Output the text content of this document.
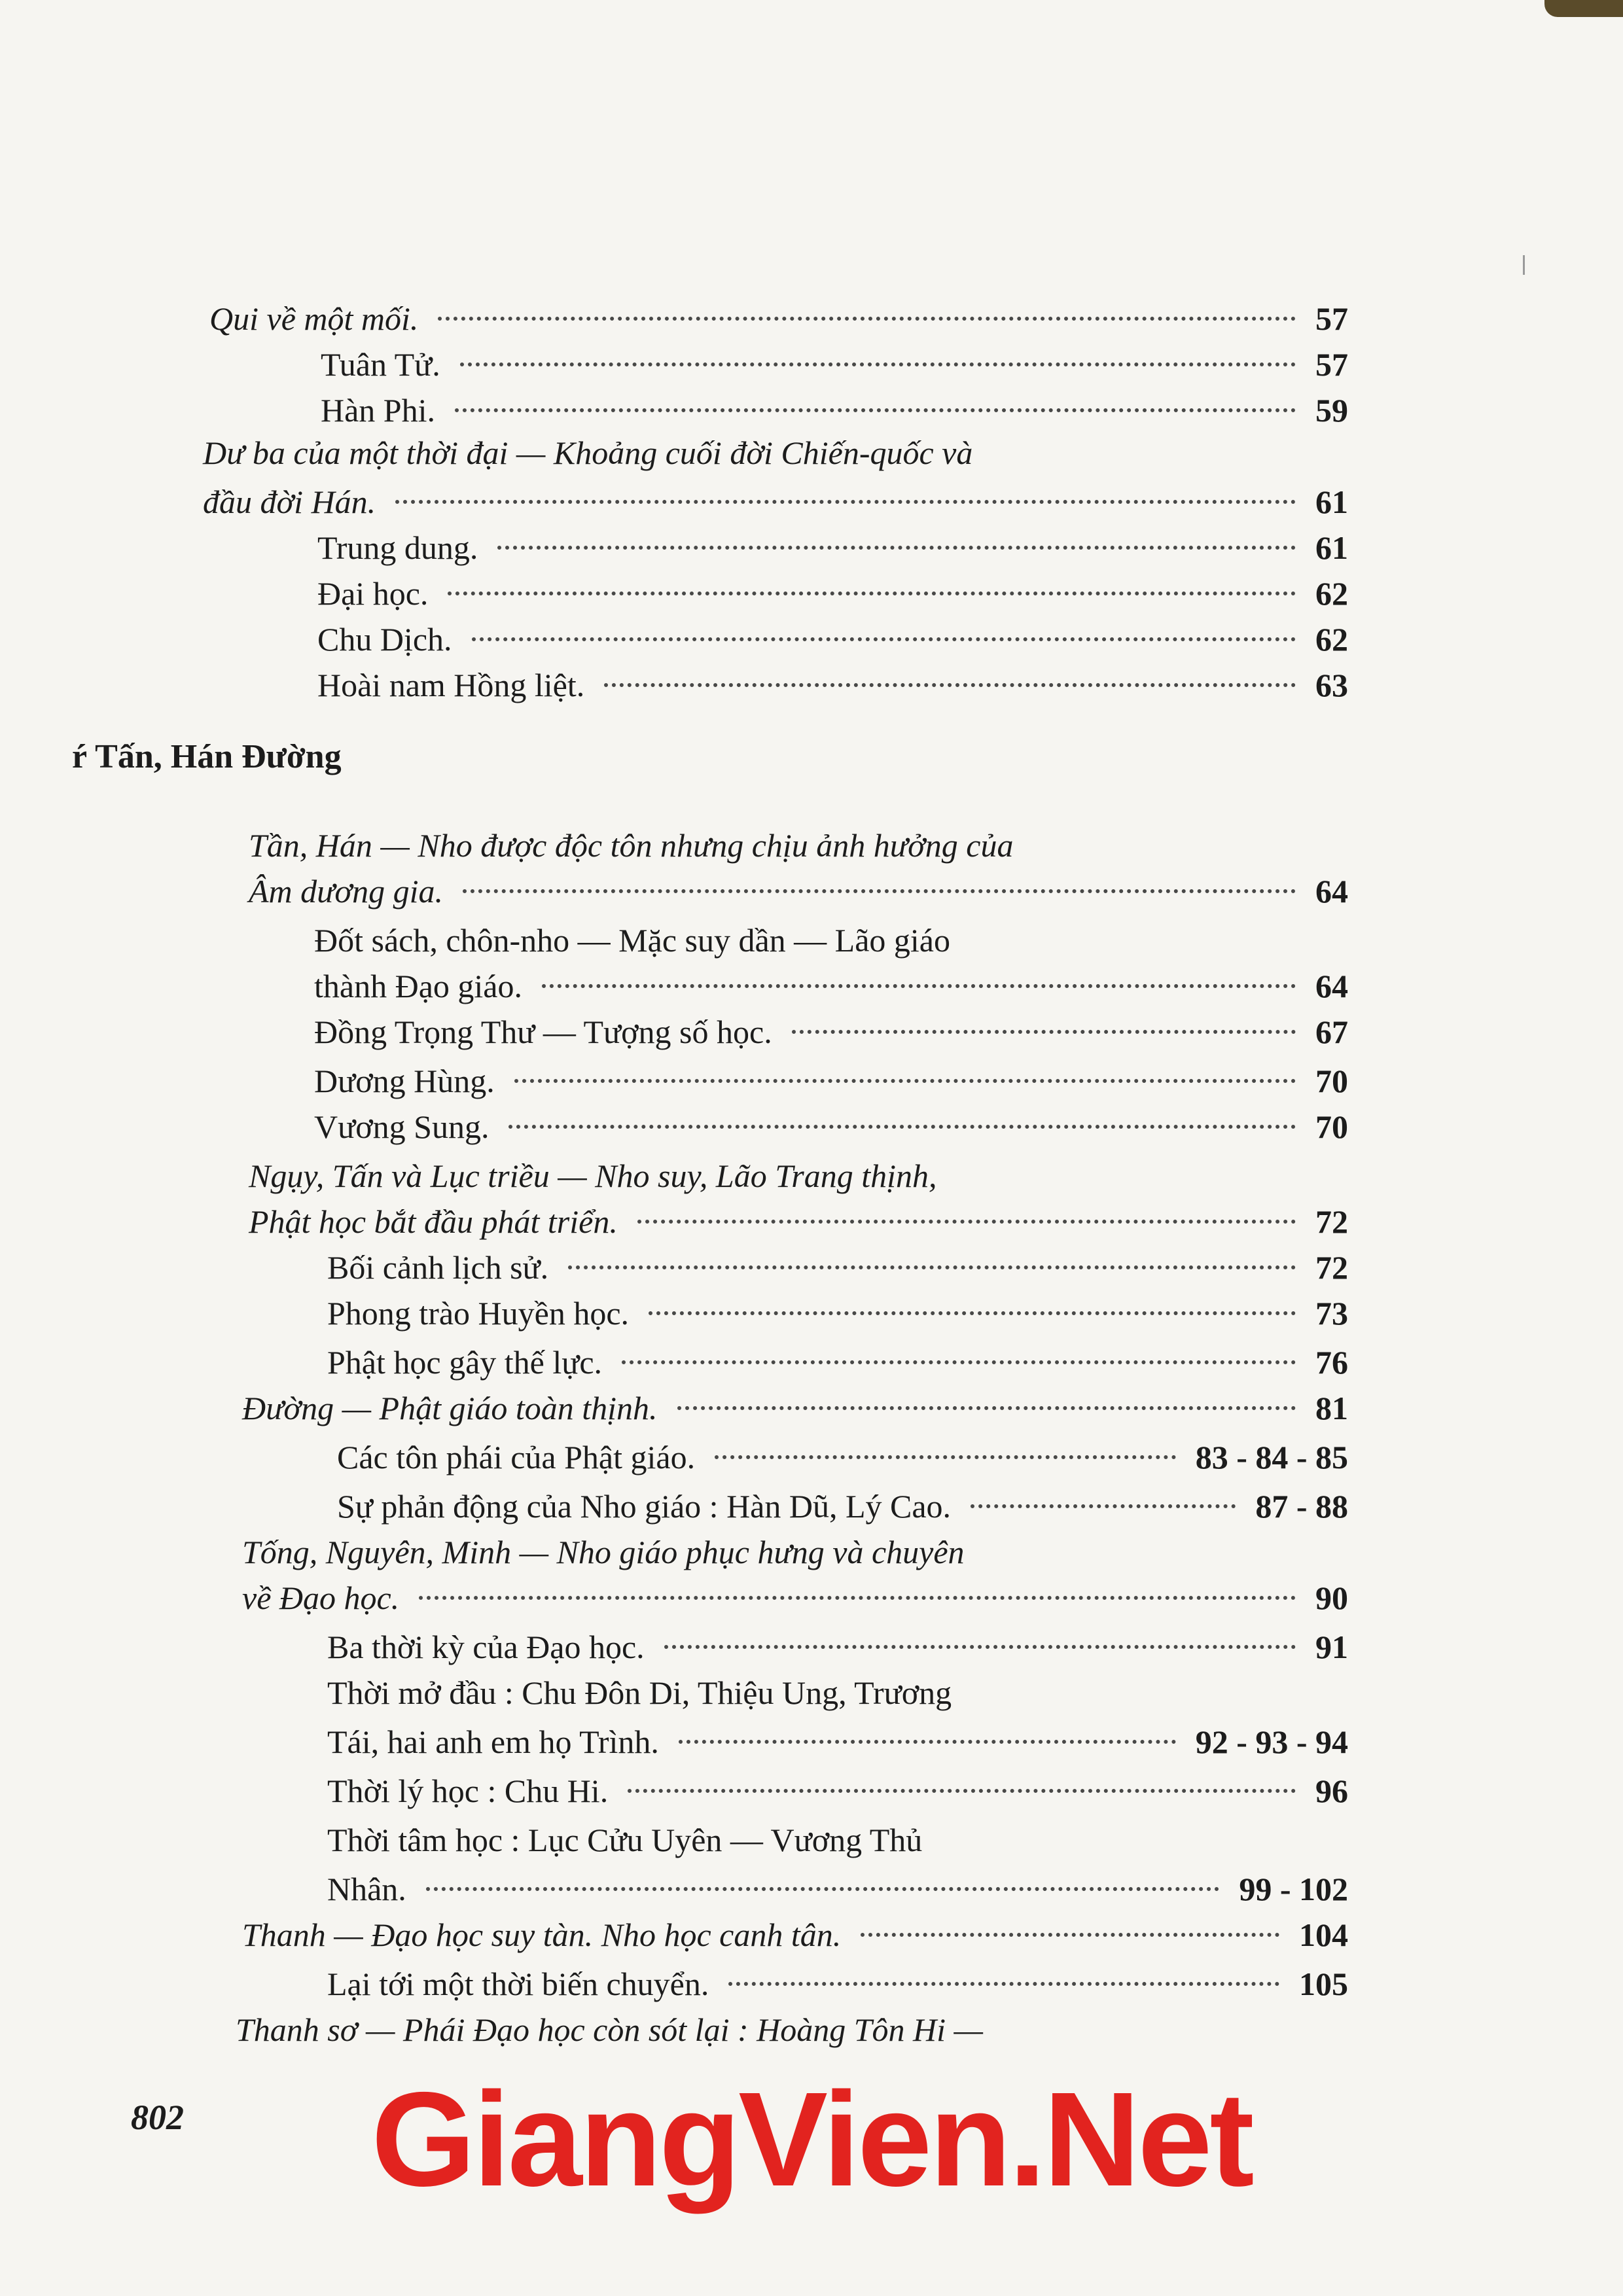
Qui về một mối.	57
Tuân Tử.	57
Hàn Phi.	59
Dư ba của một thời đại — Khoảng cuối đời Chiến-quốc và
đầu đời Hán.	61
Trung dung.	61
Đại học.	62
Chu Dịch.	62
Hoài nam Hồng liệt.	63
ŕ Tấn, Hán Đường
Tần, Hán — Nho được độc tôn nhưng chịu ảnh hưởng của
Âm dương gia.	64
Đốt sách, chôn-nho — Mặc suy dần — Lão giáo
thành Đạo giáo.	64
Đồng Trọng Thư — Tượng số học.	67
Dương Hùng.	70
Vương Sung.	70
Ngụy, Tấn và Lục triều — Nho suy, Lão Trang thịnh,
Phật học bắt đầu phát triển.	72
Bối cảnh lịch sử.	72
Phong trào Huyền học.	73
Phật học gây thế lực.	76
Đường — Phật giáo toàn thịnh.	81
Các tôn phái của Phật giáo.	83 - 84 - 85
Sự phản động của Nho giáo : Hàn Dũ, Lý Cao.	87 - 88
Tống, Nguyên, Minh — Nho giáo phục hưng và chuyên
về Đạo học.	90
Ba thời kỳ của Đạo học.	91
Thời mở đầu : Chu Đôn Di, Thiệu Ung, Trương
Tái, hai anh em họ Trình.	92 - 93 - 94
Thời lý học : Chu Hi.	96
Thời tâm học : Lục Cửu Uyên — Vương Thủ
Nhân.	99 - 102
Thanh — Đạo học suy tàn. Nho học canh tân.	104
Lại tới một thời biến chuyển.	105
Thanh sơ — Phái Đạo học còn sót lại : Hoàng Tôn Hi —
802	GiangVien.Net
